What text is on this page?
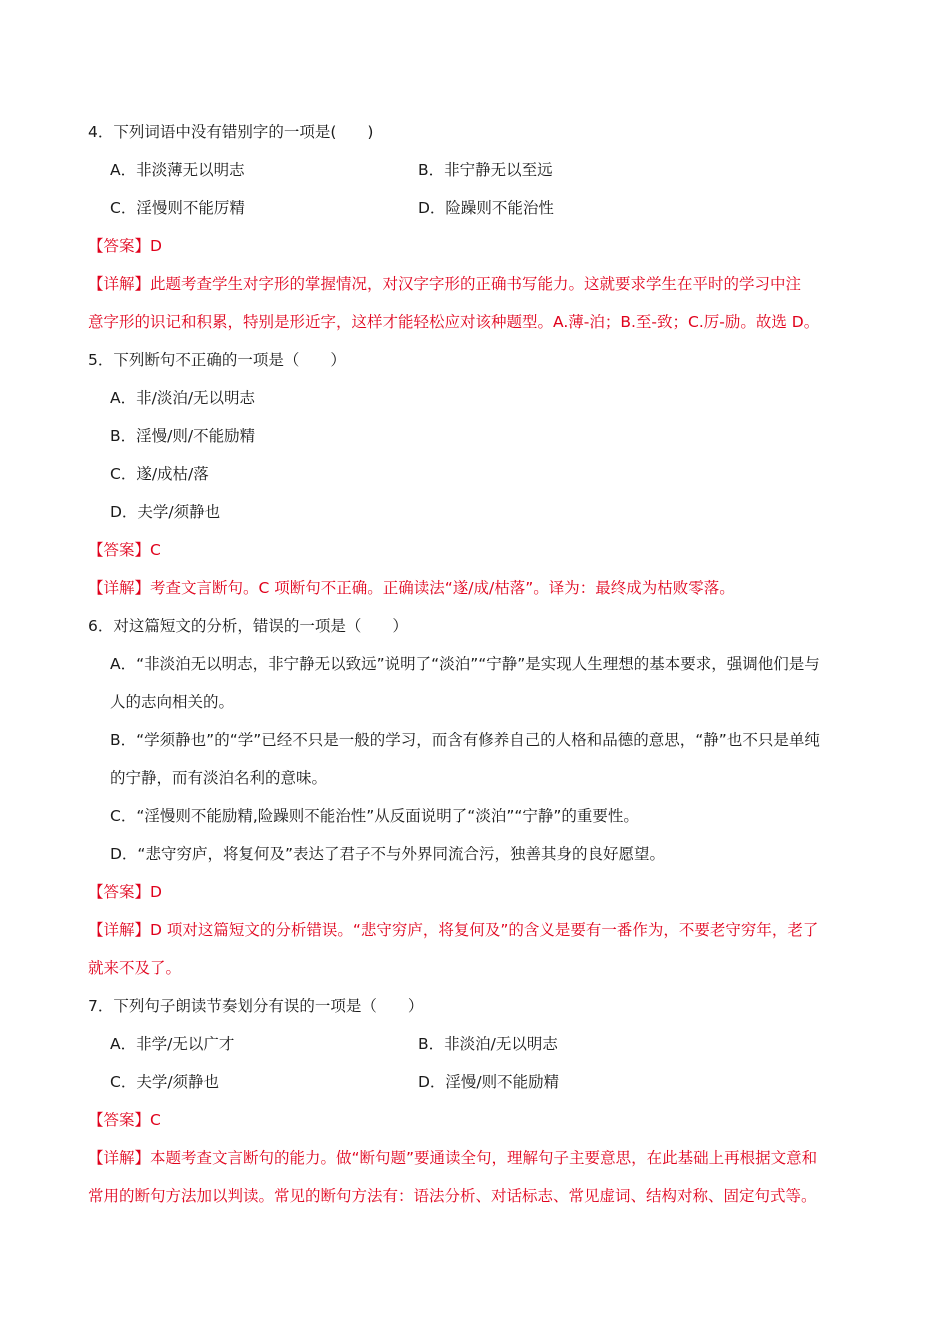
4．下列词语中没有错别字的一项是(　　)
A．非淡薄无以明志	B．非宁静无以至远
C．淫慢则不能厉精	D．险躁则不能治性
【答案】D
【详解】此题考查学生对字形的掌握情况，对汉字字形的正确书写能力。这就要求学生在平时的学习中注
意字形的识记和积累，特别是形近字，这样才能轻松应对该种题型。A.薄-泊；B.至-致；C.厉-励。故选 D。
5．下列断句不正确的一项是（　　）
A．非/淡泊/无以明志
B．淫慢/则/不能励精
C．遂/成枯/落
D．夫学/须静也
【答案】C
【详解】考查文言断句。C 项断句不正确。正确读法“遂/成/枯落”。译为：最终成为枯败零落。
6．对这篇短文的分析，错误的一项是（　　）
A．“非淡泊无以明志，非宁静无以致远”说明了“淡泊”“宁静”是实现人生理想的基本要求，强调他们是与
人的志向相关的。
B．“学须静也”的“学”已经不只是一般的学习，而含有修养自己的人格和品德的意思，“静”也不只是单纯
的宁静，而有淡泊名利的意味。
C．“淫慢则不能励精,险躁则不能治性”从反面说明了“淡泊”“宁静”的重要性。
D．“悲守穷庐，将复何及”表达了君子不与外界同流合污，独善其身的良好愿望。
【答案】D
【详解】D 项对这篇短文的分析错误。“悲守穷庐，将复何及”的含义是要有一番作为，不要老守穷年，老了
就来不及了。
7．下列句子朗读节奏划分有误的一项是（　　）
A．非学/无以广才	B．非淡泊/无以明志
C．夫学/须静也	D．淫慢/则不能励精
【答案】C
【详解】本题考查文言断句的能力。做“断句题”要通读全句，理解句子主要意思，在此基础上再根据文意和
常用的断句方法加以判读。常见的断句方法有：语法分析、对话标志、常见虚词、结构对称、固定句式等。
